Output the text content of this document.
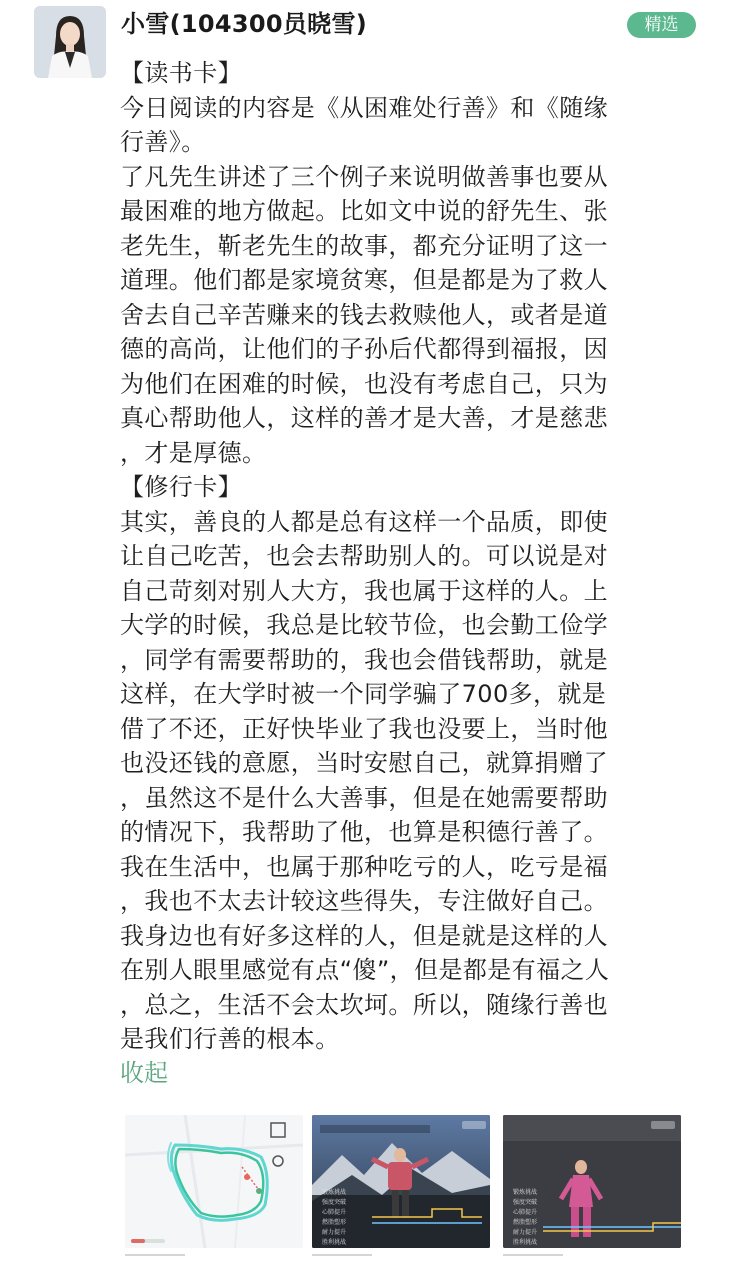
小雪(104300员晓雪)	精选
【读书卡】
今日阅读的内容是《从困难处行善》和《随缘
行善》。
了凡先生讲述了三个例子来说明做善事也要从
最困难的地方做起。比如文中说的舒先生、张
老先生，靳老先生的故事，都充分证明了这一
道理。他们都是家境贫寒，但是都是为了救人
舍去自己辛苦赚来的钱去救赎他人，或者是道
德的高尚，让他们的子孙后代都得到福报，因
为他们在困难的时候，也没有考虑自己，只为
真心帮助他人，这样的善才是大善，才是慈悲
，才是厚德。
【修行卡】
其实，善良的人都是总有这样一个品质，即使
让自己吃苦，也会去帮助别人的。可以说是对
自己苛刻对别人大方，我也属于这样的人。上
大学的时候，我总是比较节俭，也会勤工俭学
，同学有需要帮助的，我也会借钱帮助，就是
这样，在大学时被一个同学骗了700多，就是
借了不还，正好快毕业了我也没要上，当时他
也没还钱的意愿，当时安慰自己，就算捐赠了
，虽然这不是什么大善事，但是在她需要帮助
的情况下，我帮助了他，也算是积德行善了。
我在生活中，也属于那种吃亏的人，吃亏是福
，我也不太去计较这些得失，专注做好自己。
我身边也有好多这样的人，但是就是这样的人
在别人眼里感觉有点“傻”，但是都是有福之人
，总之，生活不会太坎坷。所以，随缘行善也
是我们行善的根本。
收起
锻炼挑战
强度突破
心肺提升
燃脂塑形
耐力提升
胜利挑战
锻炼挑战
强度突破
心肺提升
燃脂塑形
耐力提升
胜利挑战
